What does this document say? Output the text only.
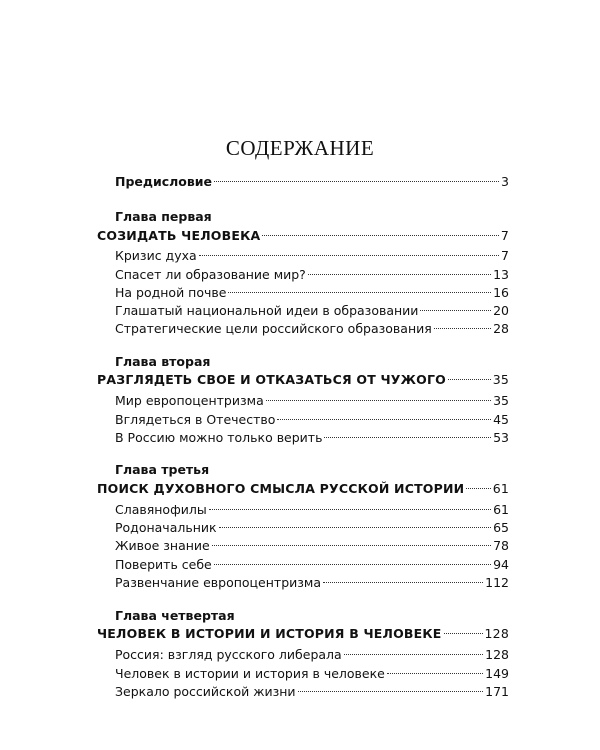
СОДЕРЖАНИЕ
Предисловие	3
Глава первая
СОЗИДАТЬ ЧЕЛОВЕКА	7
Кризис духа	7
Спасет ли образование мир?	13
На родной почве	16
Глашатый национальной идеи в образовании	20
Стратегические цели российского образования	28
Глава вторая
РАЗГЛЯДЕТЬ СВОЕ И ОТКАЗАТЬСЯ ОТ ЧУЖОГО	35
Мир европоцентризма	35
Вглядеться в Отечество	45
В Россию можно только верить	53
Глава третья
ПОИСК ДУХОВНОГО СМЫСЛА РУССКОЙ ИСТОРИИ 61
Славянофилы	61
Родоначальник	65
Живое знание	78
Поверить себе	94
Развенчание европоцентризма	112
Глава четвертая
ЧЕЛОВЕК В ИСТОРИИ И ИСТОРИЯ В ЧЕЛОВЕКЕ	128
Россия: взгляд русского либерала	128
Человек в истории и история в человеке	149
Зеркало российской жизни	171
